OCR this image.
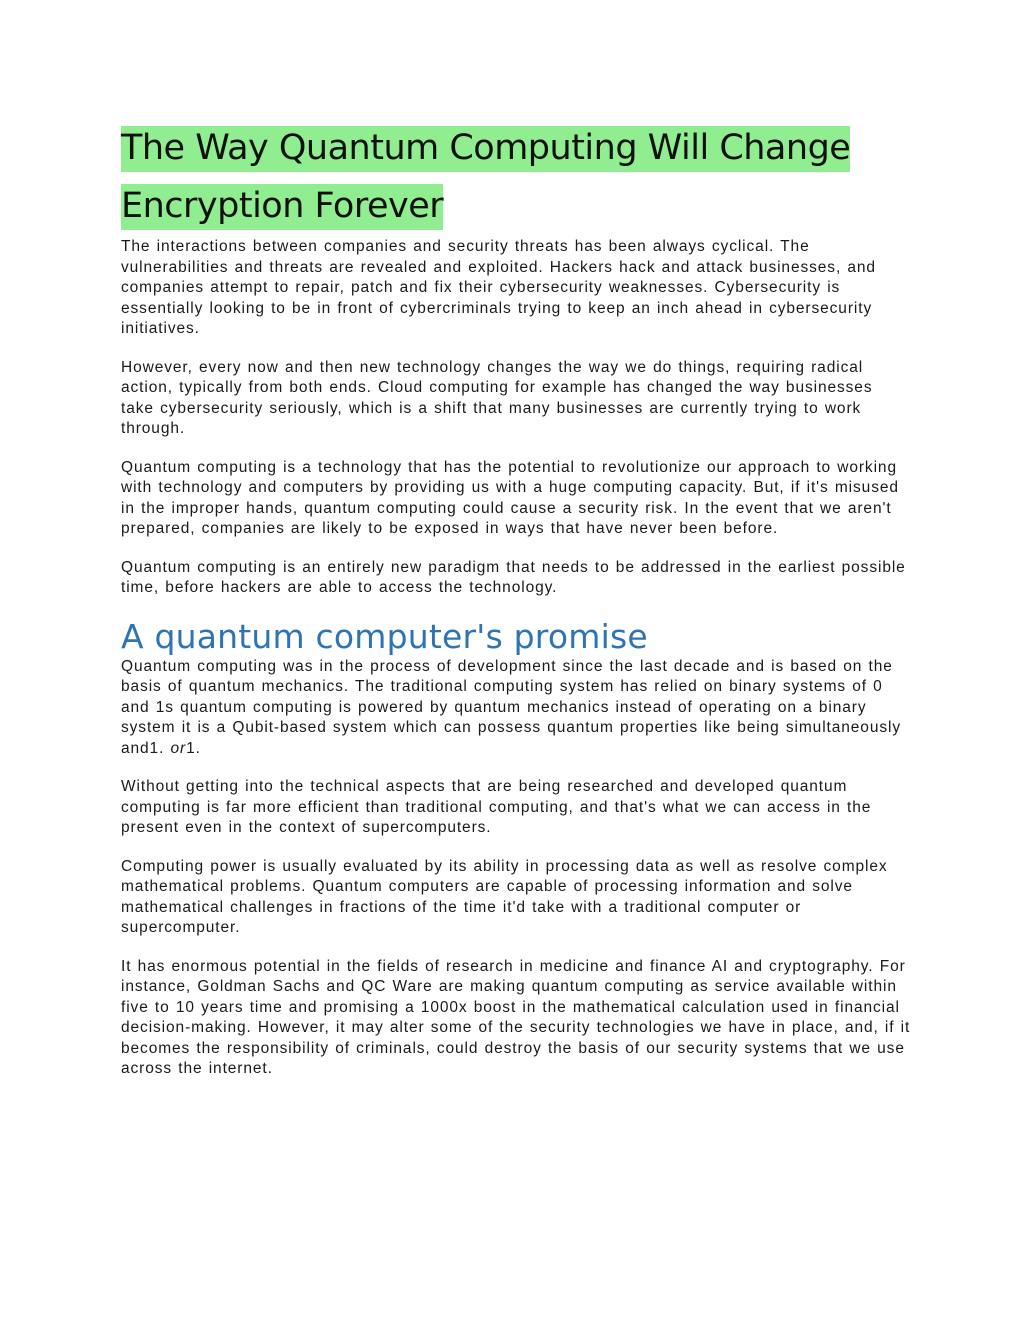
The Way Quantum Computing Will Change Encryption Forever

The interactions between companies and security threats has been always cyclical. The vulnerabilities and threats are revealed and exploited. Hackers hack and attack businesses, and companies attempt to repair, patch and fix their cybersecurity weaknesses. Cybersecurity is essentially looking to be in front of cybercriminals trying to keep an inch ahead in cybersecurity initiatives.

However, every now and then new technology changes the way we do things, requiring radical action, typically from both ends. Cloud computing for example has changed the way businesses take cybersecurity seriously, which is a shift that many businesses are currently trying to work through.

Quantum computing is a technology that has the potential to revolutionize our approach to working with technology and computers by providing us with a huge computing capacity. But, if it's misused in the improper hands, quantum computing could cause a security risk. In the event that we aren't prepared, companies are likely to be exposed in ways that have never been before.

Quantum computing is an entirely new paradigm that needs to be addressed in the earliest possible time, before hackers are able to access the technology.

A quantum computer's promise

Quantum computing was in the process of development since the last decade and is based on the basis of quantum mechanics. The traditional computing system has relied on binary systems of 0 and 1s quantum computing is powered by quantum mechanics instead of operating on a binary system it is a Qubit-based system which can possess quantum properties like being simultaneously and1. or1.

Without getting into the technical aspects that are being researched and developed quantum computing is far more efficient than traditional computing, and that's what we can access in the present even in the context of supercomputers.

Computing power is usually evaluated by its ability in processing data as well as resolve complex mathematical problems. Quantum computers are capable of processing information and solve mathematical challenges in fractions of the time it'd take with a traditional computer or supercomputer.

It has enormous potential in the fields of research in medicine and finance AI and cryptography. For instance, Goldman Sachs and QC Ware are making quantum computing as service available within five to 10 years time and promising a 1000x boost in the mathematical calculation used in financial decision-making. However, it may alter some of the security technologies we have in place, and, if it becomes the responsibility of criminals, could destroy the basis of our security systems that we use across the internet.
